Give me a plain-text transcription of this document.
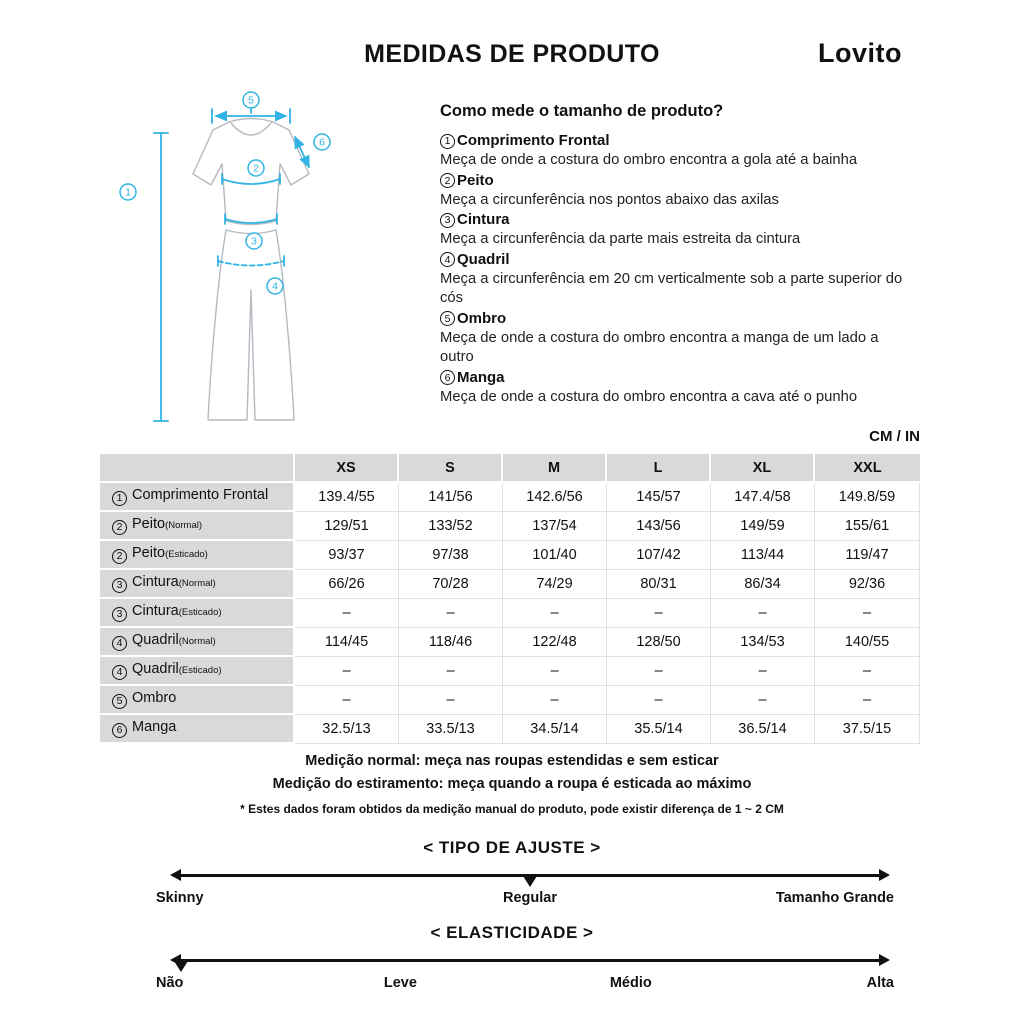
MEDIDAS DE PRODUTO	Lovito
1
2
3
4
5
6
Como mede o tamanho de produto?
1 Comprimento Frontal
Meça de onde a costura do ombro encontra a gola até a bainha
2 Peito
Meça a circunferência nos pontos abaixo das axilas
3 Cintura
Meça a circunferência da parte mais estreita da cintura
4 Quadril
Meça a circunferência em 20 cm verticalmente sob a parte superior do cós
5 Ombro
Meça de onde a costura do ombro encontra a manga de um lado a outro
6 Manga
Meça de onde a costura do ombro encontra a cava até o punho
CM / IN
	XS	S	M	L	XL	XXL
1 Comprimento Frontal	139.4/55	141/56	142.6/56	145/57	147.4/58	149.8/59
2 Peito(Normal)	129/51	133/52	137/54	143/56	149/59	155/61
2 Peito(Esticado)	93/37	97/38	101/40	107/42	113/44	119/47
3 Cintura(Normal)	66/26	70/28	74/29	80/31	86/34	92/36
3 Cintura(Esticado)	–	–	–	–	–	–
4 Quadril(Normal)	114/45	118/46	122/48	128/50	134/53	140/55
4 Quadril(Esticado)	–	–	–	–	–	–
5 Ombro	–	–	–	–	–	–
6 Manga	32.5/13	33.5/13	34.5/14	35.5/14	36.5/14	37.5/15
Medição normal: meça nas roupas estendidas e sem esticar
Medição do estiramento: meça quando a roupa é esticada ao máximo
* Estes dados foram obtidos da medição manual do produto, pode existir diferença de 1 ~ 2 CM
< TIPO DE AJUSTE >
Skinny	Regular	Tamanho Grande
< ELASTICIDADE >
Não	Leve	Médio	Alta
